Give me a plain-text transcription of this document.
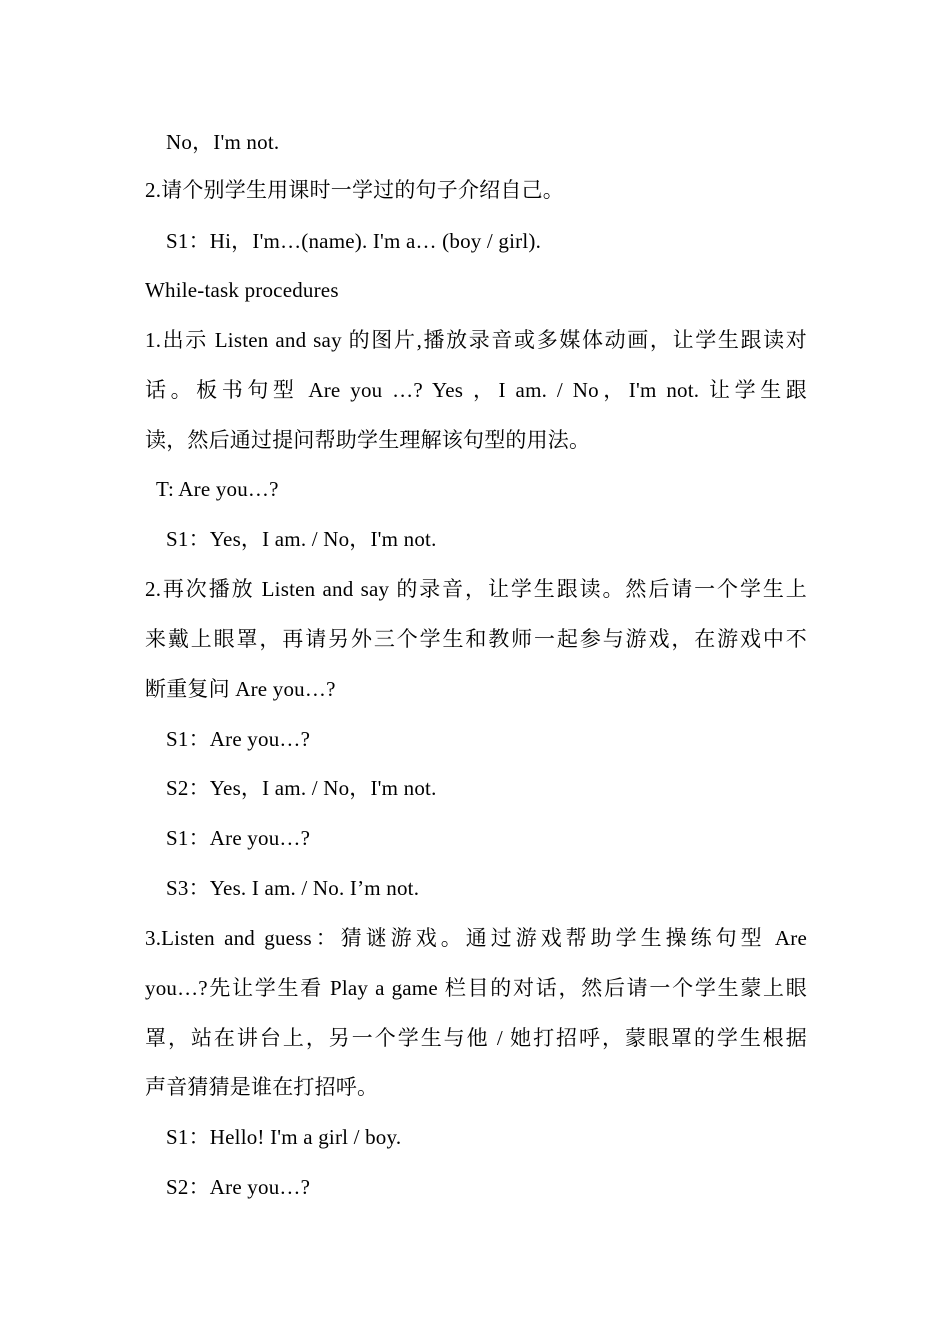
No，I'm not.
2.请个别学生用课时一学过的句子介绍自己。
S1：Hi，I'm…(name). I'm a… (boy / girl).
While-task procedures
1.出示 Listen and say 的图片,播放录音或多媒体动画，让学生跟读对
话。板书句型 Are you …? Yes ，I am. / No，I'm not. 让学生跟
读，然后通过提问帮助学生理解该句型的用法。
T: Are you…?
S1：Yes，I am. / No，I'm not.
2.再次播放 Listen and say 的录音，让学生跟读。然后请一个学生上
来戴上眼罩，再请另外三个学生和教师一起参与游戏，在游戏中不
断重复问 Are you…?
S1：Are you…?
S2：Yes，I am. / No，I'm not.
S1：Are you…?
S3：Yes. I am. / No. I’m not.
3.Listen and guess：猜谜游戏。通过游戏帮助学生操练句型 Are
you…?先让学生看 Play a game 栏目的对话，然后请一个学生蒙上眼
罩，站在讲台上，另一个学生与他 / 她打招呼，蒙眼罩的学生根据
声音猜猜是谁在打招呼。
S1：Hello! I'm a girl / boy.
S2：Are you…?
